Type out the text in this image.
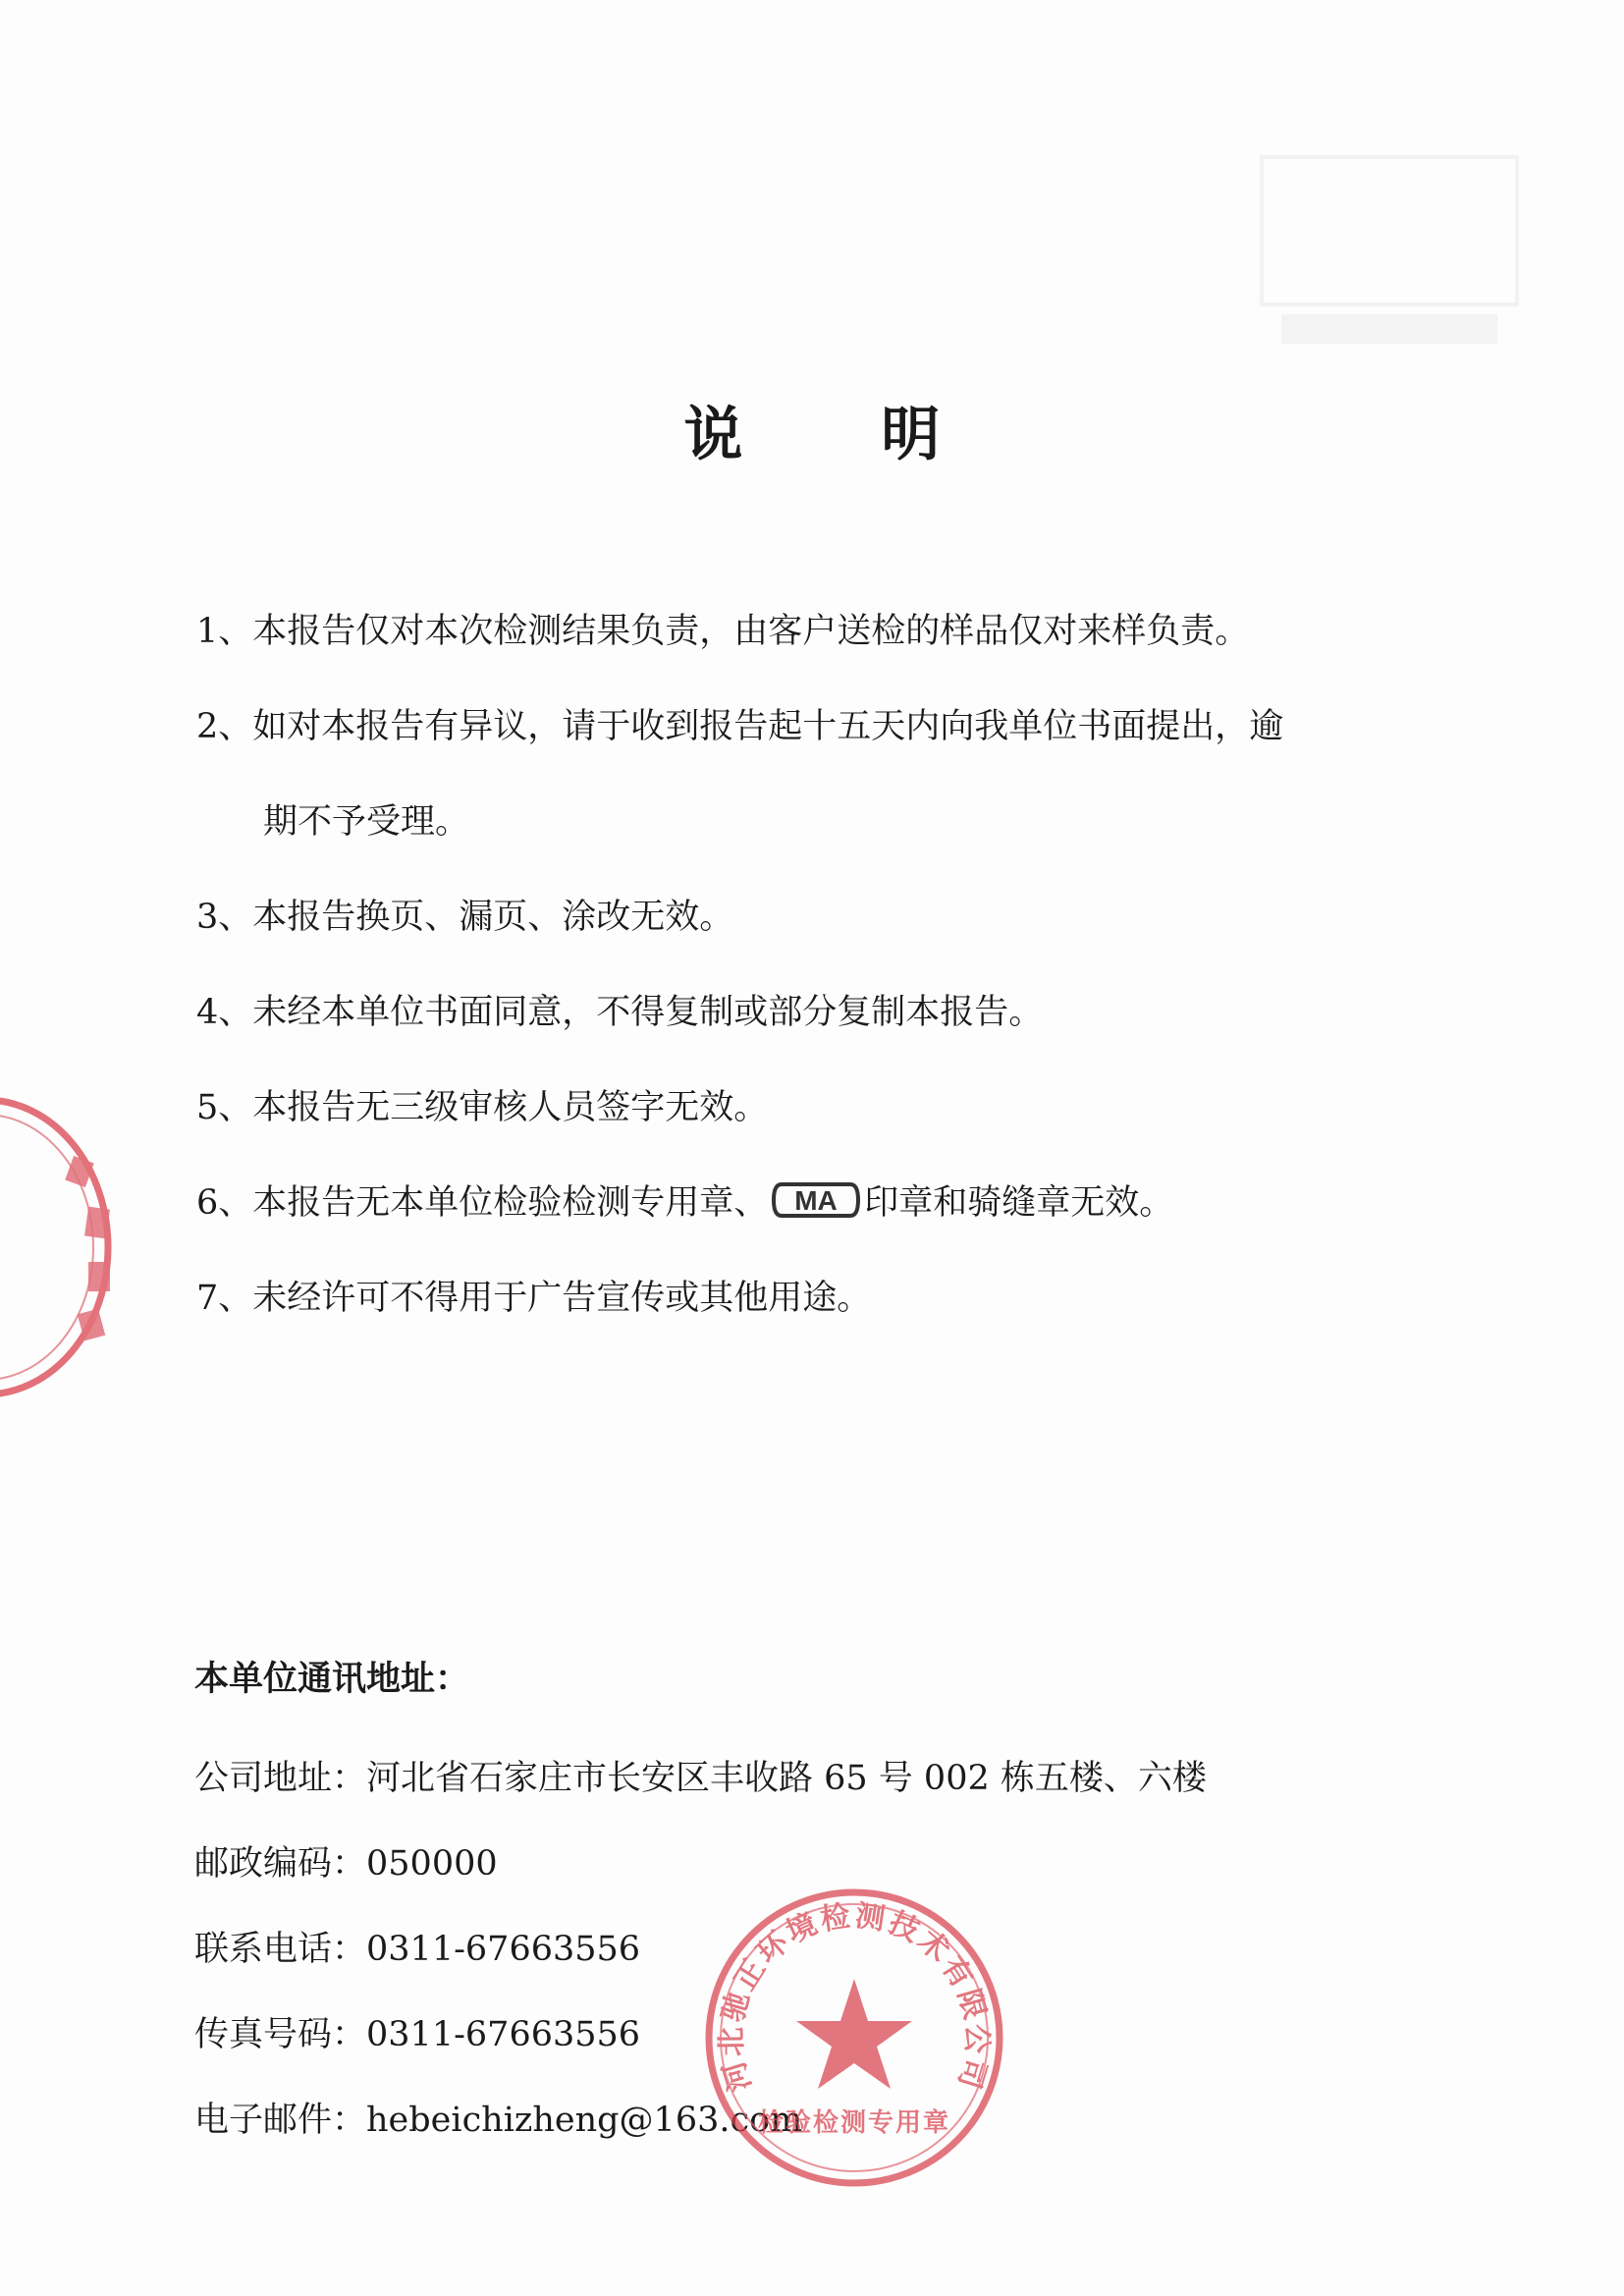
说 明
1、 本报告仅对本次检测结果负责，由客户送检的样品仅对来样负责。
2、 如对本报告有异议，请于收到报告起十五天内向我单位书面提出，逾
期不予受理。
3、 本报告换页、漏页、涂改无效。
4、 未经本单位书面同意，不得复制或部分复制本报告。
5、 本报告无三级审核人员签字无效。
6、 本报告无本单位检验检测专用章、 MA 印章和骑缝章无效。
7、 未经许可不得用于广告宣传或其他用途。
本单位通讯地址：
公司地址：河北省石家庄市长安区丰收路 65 号 002 栋五楼、六楼
邮政编码：050000
联系电话：0311-67663556
传真号码：0311-67663556
电子邮件：hebeichizheng@163.com
河北驰正环境检测技术有限公司
检验检测专用章
